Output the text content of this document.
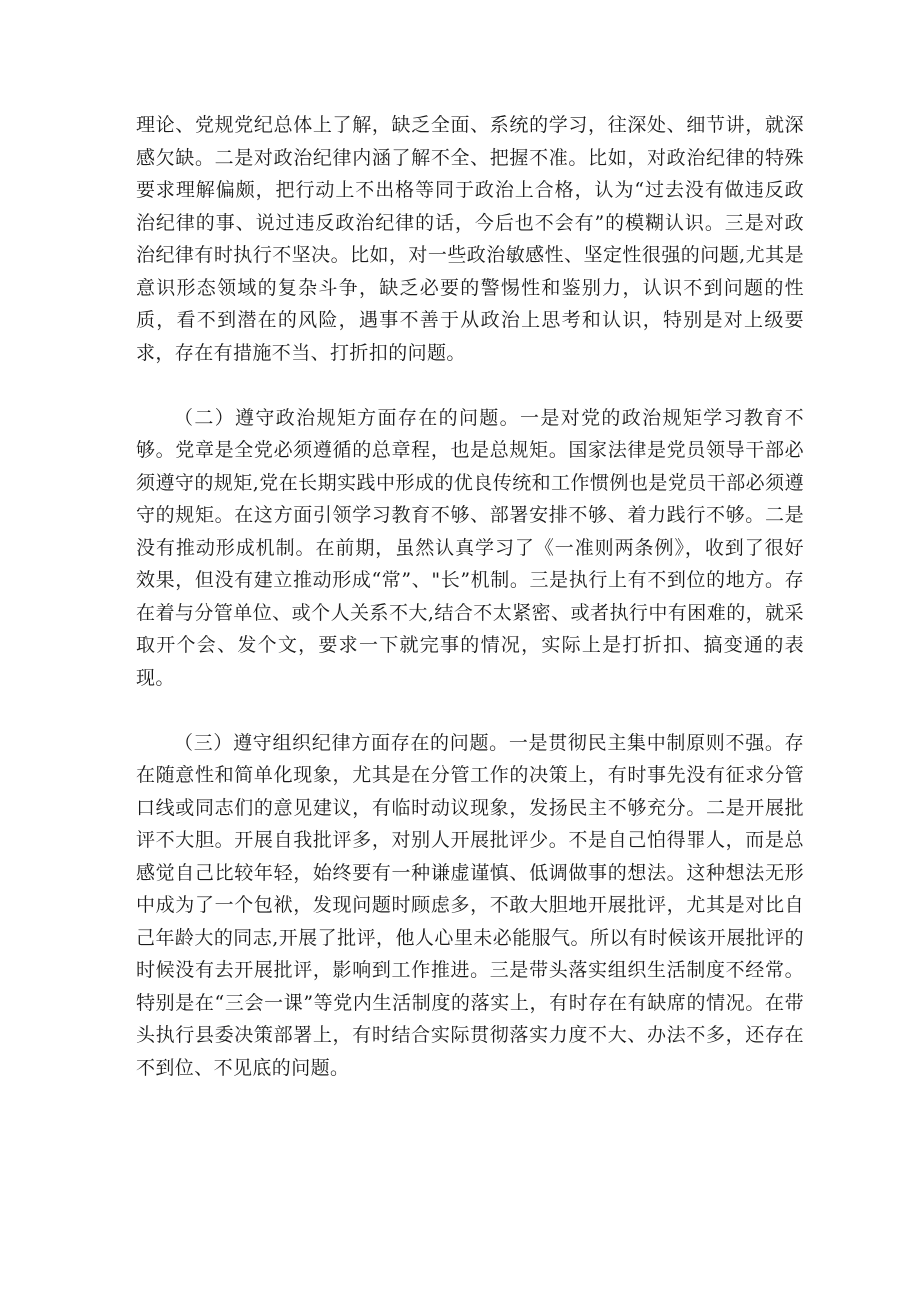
理论、党规党纪总体上了解，缺乏全面、系统的学习，往深处、细节讲，就深感欠缺。二是对政治纪律内涵了解不全、把握不准。比如，对政治纪律的特殊要求理解偏颇，把行动上不出格等同于政治上合格，认为“过去没有做违反政治纪律的事、说过违反政治纪律的话，今后也不会有”的模糊认识。三是对政治纪律有时执行不坚决。比如，对一些政治敏感性、坚定性很强的问题,尤其是意识形态领域的复杂斗争，缺乏必要的警惕性和鉴别力，认识不到问题的性质，看不到潜在的风险，遇事不善于从政治上思考和认识，特别是对上级要求，存在有措施不当、打折扣的问题。

（二）遵守政治规矩方面存在的问题。一是对党的政治规矩学习教育不够。党章是全党必须遵循的总章程，也是总规矩。国家法律是党员领导干部必须遵守的规矩,党在长期实践中形成的优良传统和工作惯例也是党员干部必须遵守的规矩。在这方面引领学习教育不够、部署安排不够、着力践行不够。二是没有推动形成机制。在前期，虽然认真学习了《一准则两条例》，收到了很好效果，但没有建立推动形成“常”、"长”机制。三是执行上有不到位的地方。存在着与分管单位、或个人关系不大,结合不太紧密、或者执行中有困难的，就采取开个会、发个文，要求一下就完事的情况，实际上是打折扣、搞变通的表现。

（三）遵守组织纪律方面存在的问题。一是贯彻民主集中制原则不强。存在随意性和简单化现象，尤其是在分管工作的决策上，有时事先没有征求分管口线或同志们的意见建议，有临时动议现象，发扬民主不够充分。二是开展批评不大胆。开展自我批评多，对别人开展批评少。不是自己怕得罪人，而是总感觉自己比较年轻，始终要有一种谦虚谨慎、低调做事的想法。这种想法无形中成为了一个包袱，发现问题时顾虑多，不敢大胆地开展批评，尤其是对比自己年龄大的同志,开展了批评，他人心里未必能服气。所以有时候该开展批评的时候没有去开展批评，影响到工作推进。三是带头落实组织生活制度不经常。特别是在“三会一课”等党内生活制度的落实上，有时存在有缺席的情况。在带头执行县委决策部署上，有时结合实际贯彻落实力度不大、办法不多，还存在不到位、不见底的问题。
